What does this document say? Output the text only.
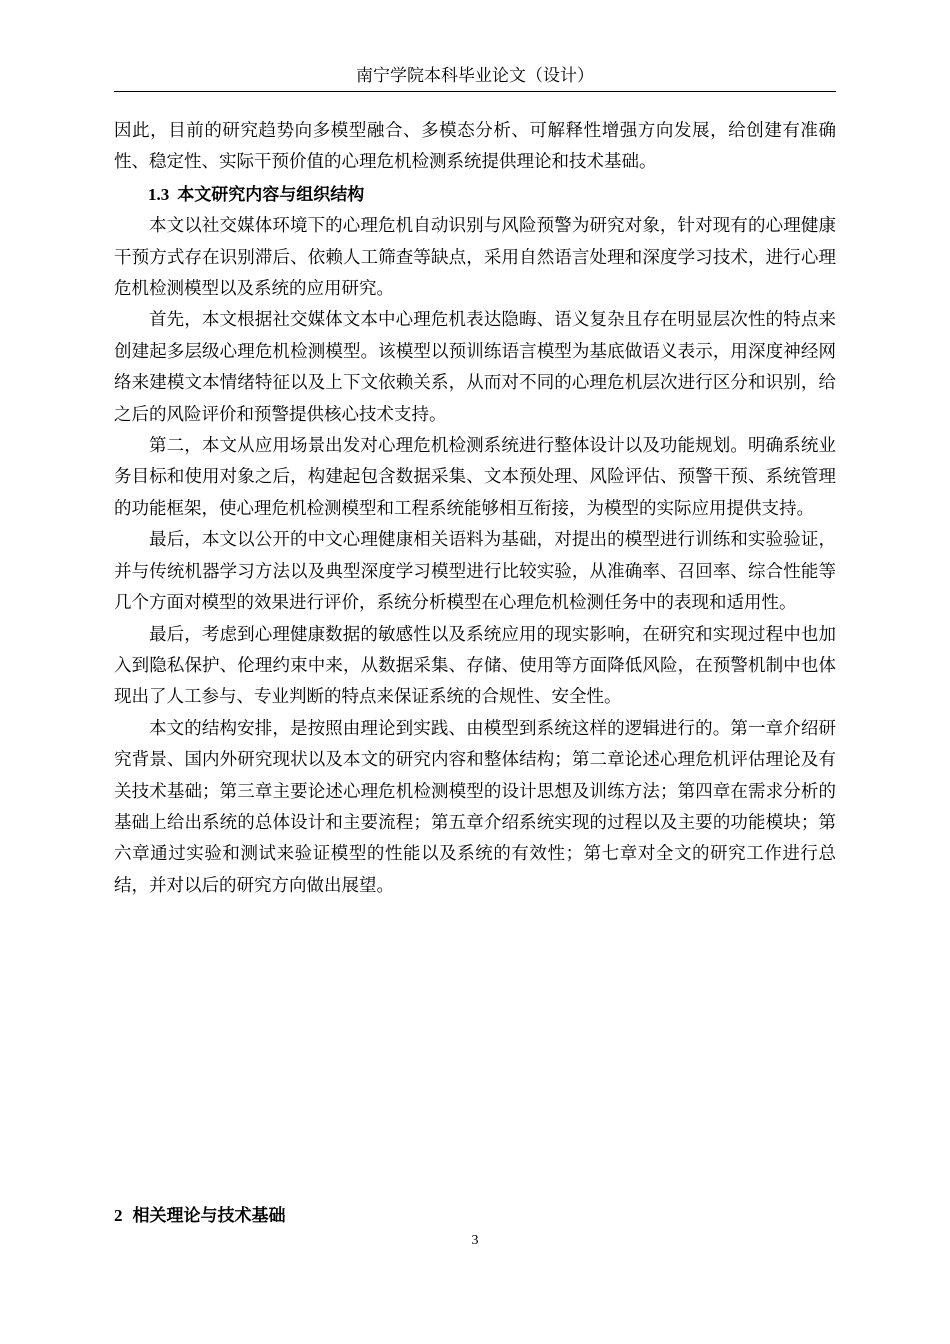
南宁学院本科毕业论文（设计）

因此，目前的研究趋势向多模型融合、多模态分析、可解释性增强方向发展，给创建有准确性、稳定性、实际干预价值的心理危机检测系统提供理论和技术基础。

1.3 本文研究内容与组织结构

本文以社交媒体环境下的心理危机自动识别与风险预警为研究对象，针对现有的心理健康干预方式存在识别滞后、依赖人工筛查等缺点，采用自然语言处理和深度学习技术，进行心理危机检测模型以及系统的应用研究。

首先，本文根据社交媒体文本中心理危机表达隐晦、语义复杂且存在明显层次性的特点来创建起多层级心理危机检测模型。该模型以预训练语言模型为基底做语义表示，用深度神经网络来建模文本情绪特征以及上下文依赖关系，从而对不同的心理危机层次进行区分和识别，给之后的风险评价和预警提供核心技术支持。

第二，本文从应用场景出发对心理危机检测系统进行整体设计以及功能规划。明确系统业务目标和使用对象之后，构建起包含数据采集、文本预处理、风险评估、预警干预、系统管理的功能框架，使心理危机检测模型和工程系统能够相互衔接，为模型的实际应用提供支持。

最后，本文以公开的中文心理健康相关语料为基础，对提出的模型进行训练和实验验证，并与传统机器学习方法以及典型深度学习模型进行比较实验，从准确率、召回率、综合性能等几个方面对模型的效果进行评价，系统分析模型在心理危机检测任务中的表现和适用性。

最后，考虑到心理健康数据的敏感性以及系统应用的现实影响，在研究和实现过程中也加入到隐私保护、伦理约束中来，从数据采集、存储、使用等方面降低风险，在预警机制中也体现出了人工参与、专业判断的特点来保证系统的合规性、安全性。

本文的结构安排，是按照由理论到实践、由模型到系统这样的逻辑进行的。第一章介绍研究背景、国内外研究现状以及本文的研究内容和整体结构；第二章论述心理危机评估理论及有关技术基础；第三章主要论述心理危机检测模型的设计思想及训练方法；第四章在需求分析的基础上给出系统的总体设计和主要流程；第五章介绍系统实现的过程以及主要的功能模块；第六章通过实验和测试来验证模型的性能以及系统的有效性；第七章对全文的研究工作进行总结，并对以后的研究方向做出展望。

2 相关理论与技术基础
3
